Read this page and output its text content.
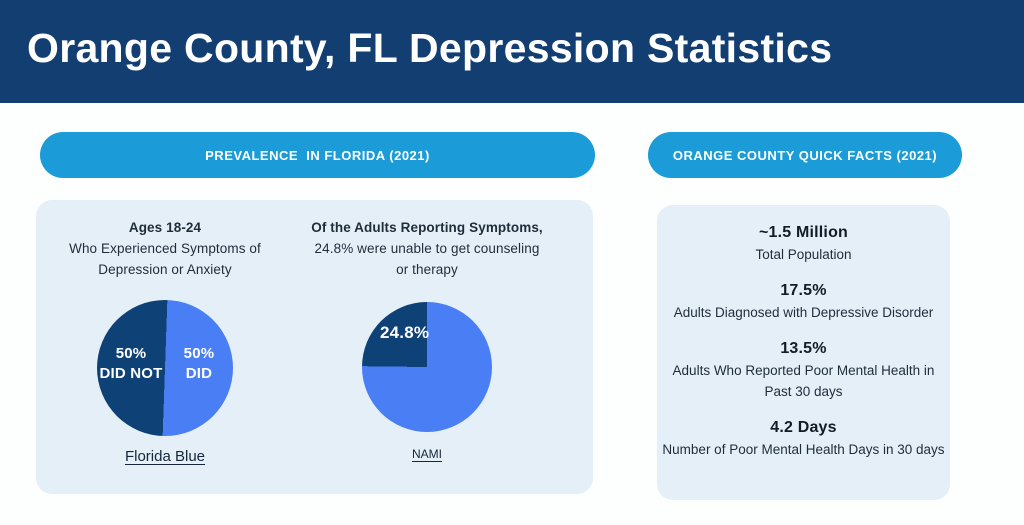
Orange County, FL Depression Statistics
PREVALENCE  IN FLORIDA (2021)	ORANGE COUNTY QUICK FACTS (2021)
Ages 18-24
Who Experienced Symptoms of
Depression or Anxiety
50%
DID NOT
50%
DID
Florida Blue
Of the Adults Reporting Symptoms,
24.8% were unable to get counseling
or therapy
24.8%
NAMI
~1.5 Million
Total Population
17.5%
Adults Diagnosed with Depressive Disorder
13.5%
Adults Who Reported Poor Mental Health in Past 30 days
4.2 Days
Number of Poor Mental Health Days in 30 days
